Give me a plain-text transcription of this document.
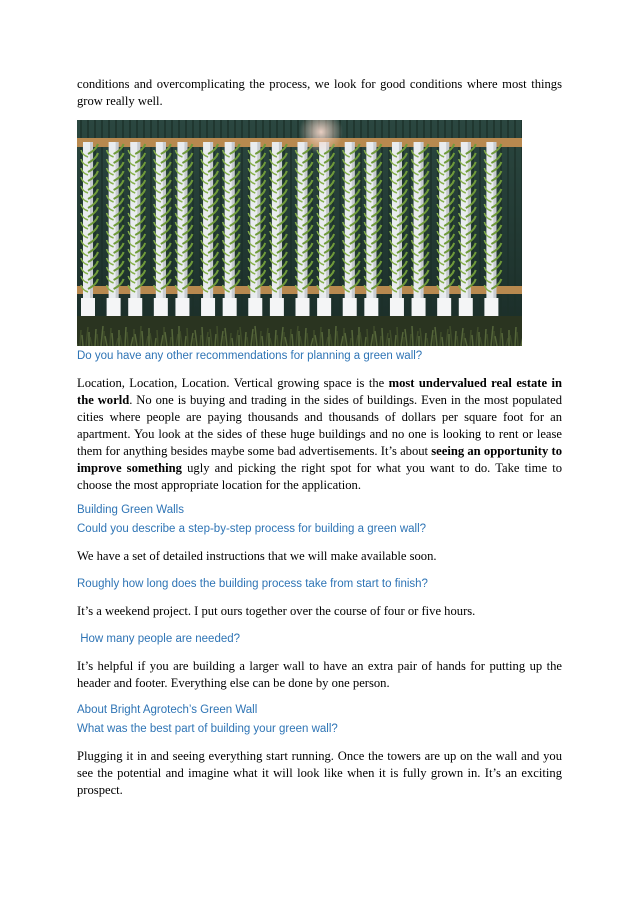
conditions and overcomplicating the process, we look for good conditions where most things grow really well.

Do you have any other recommendations for planning a green wall?

Location, Location, Location. Vertical growing space is the most undervalued real estate in the world. No one is buying and trading in the sides of buildings. Even in the most populated cities where people are paying thousands and thousands of dollars per square foot for an apartment. You look at the sides of these huge buildings and no one is looking to rent or lease them for anything besides maybe some bad advertisements. It’s about seeing an opportunity to improve something ugly and picking the right spot for what you want to do. Take time to choose the most appropriate location for the application.

Building Green Walls

Could you describe a step-by-step process for building a green wall?

We have a set of detailed instructions that we will make available soon.

Roughly how long does the building process take from start to finish?

It’s a weekend project. I put ours together over the course of four or five hours.

How many people are needed?

It’s helpful if you are building a larger wall to have an extra pair of hands for putting up the header and footer. Everything else can be done by one person.

About Bright Agrotech’s Green Wall

What was the best part of building your green wall?

Plugging it in and seeing everything start running. Once the towers are up on the wall and you see the potential and imagine what it will look like when it is fully grown in. It’s an exciting prospect.
